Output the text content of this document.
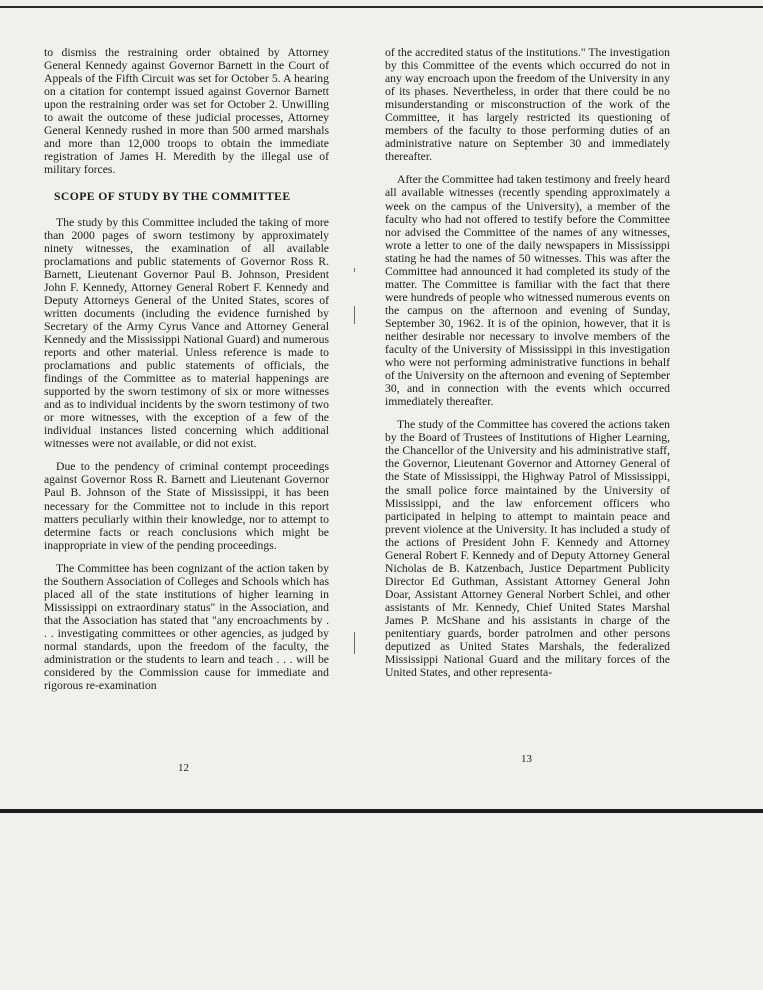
to dismiss the restraining order obtained by Attorney General Kennedy against Governor Barnett in the Court of Appeals of the Fifth Circuit was set for October 5. A hearing on a citation for contempt issued against Governor Barnett upon the restraining order was set for October 2. Unwilling to await the outcome of these judicial processes, Attorney General Kennedy rushed in more than 500 armed marshals and more than 12,000 troops to obtain the immediate registration of James H. Meredith by the illegal use of military forces.

SCOPE OF STUDY BY THE COMMITTEE

The study by this Committee included the taking of more than 2000 pages of sworn testimony by approximately ninety witnesses, the examination of all available proclamations and public statements of Governor Ross R. Barnett, Lieutenant Governor Paul B. Johnson, President John F. Kennedy, Attorney General Robert F. Kennedy and Deputy Attorneys General of the United States, scores of written documents (including the evidence furnished by Secretary of the Army Cyrus Vance and Attorney General Kennedy and the Mississippi National Guard) and numerous reports and other material. Unless reference is made to proclamations and public statements of officials, the findings of the Committee as to material happenings are supported by the sworn testimony of six or more witnesses and as to individual incidents by the sworn testimony of two or more witnesses, with the exception of a few of the individual instances listed concerning which additional witnesses were not available, or did not exist.

Due to the pendency of criminal contempt proceedings against Governor Ross R. Barnett and Lieutenant Governor Paul B. Johnson of the State of Mississippi, it has been necessary for the Committee not to include in this report matters peculiarly within their knowledge, nor to attempt to determine facts or reach conclusions which might be inappropriate in view of the pending proceedings.

The Committee has been cognizant of the action taken by the Southern Association of Colleges and Schools which has placed all of the state institutions of higher learning in Mississippi on extraordinary status" in the Association, and that the Association has stated that "any encroachments by . . . investigating committees or other agencies, as judged by normal standards, upon the freedom of the faculty, the administration or the students to learn and teach . . . will be considered by the Commission cause for immediate and rigorous re-examination

of the accredited status of the institutions." The investigation by this Committee of the events which occurred do not in any way encroach upon the freedom of the University in any of its phases. Nevertheless, in order that there could be no misunderstanding or misconstruction of the work of the Committee, it has largely restricted its questioning of members of the faculty to those performing duties of an administrative nature on September 30 and immediately thereafter.

After the Committee had taken testimony and freely heard all available witnesses (recently spending approximately a week on the campus of the University), a member of the faculty who had not offered to testify before the Committee nor advised the Committee of the names of any witnesses, wrote a letter to one of the daily newspapers in Mississippi stating he had the names of 50 witnesses. This was after the Committee had announced it had completed its study of the matter. The Committee is familiar with the fact that there were hundreds of people who witnessed numerous events on the campus on the afternoon and evening of Sunday, September 30, 1962. It is of the opinion, however, that it is neither desirable nor necessary to involve members of the faculty of the University of Mississippi in this investigation who were not performing administrative functions in behalf of the University on the afternoon and evening of September 30, and in connection with the events which occurred immediately thereafter.

The study of the Committee has covered the actions taken by the Board of Trustees of Institutions of Higher Learning, the Chancellor of the University and his administrative staff, the Governor, Lieutenant Governor and Attorney General of the State of Mississippi, the Highway Patrol of Mississippi, the small police force maintained by the University of Mississippi, and the law enforcement officers who participated in helping to attempt to maintain peace and prevent violence at the University. It has included a study of the actions of President John F. Kennedy and Attorney General Robert F. Kennedy and of Deputy Attorney General Nicholas de B. Katzenbach, Justice Department Publicity Director Ed Guthman, Assistant Attorney General John Doar, Assistant Attorney General Norbert Schlei, and other assistants of Mr. Kennedy, Chief United States Marshal James P. McShane and his assistants in charge of the penitentiary guards, border patrolmen and other persons deputized as United States Marshals, the federalized Mississippi National Guard and the military forces of the United States, and other representa-

12
13
